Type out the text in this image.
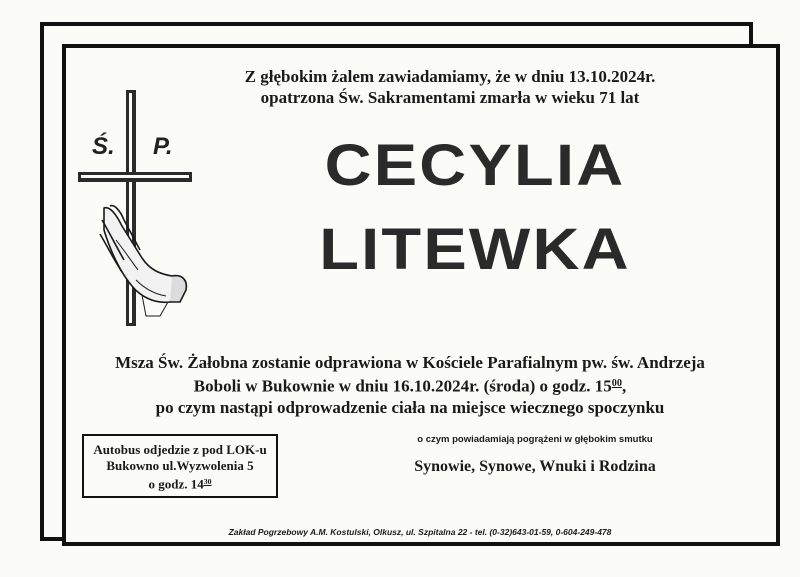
Z głębokim żalem zawiadamiamy, że w dniu 13.10.2024r.
opatrzona Św. Sakramentami zmarła w wieku 71 lat
Ś. P.	CECYLIA
LITEWKA
Msza Św. Żałobna zostanie odprawiona w Kościele Parafialnym pw. św. Andrzeja
Boboli w Bukownie w dniu 16.10.2024r. (środa) o godz. $15^{00}$,
po czym nastąpi odprowadzenie ciała na miejsce wiecznego spoczynku
Autobus odjedzie z pod LOK-u
Bukowno ul.Wyzwolenia 5
o godz. $14^{30}$
o czym powiadamiają pogrążeni w głębokim smutku
Synowie, Synowe, Wnuki i Rodzina
Zakład Pogrzebowy A.M. Kostulski, Olkusz, ul. Szpitalna 22 - tel. (0-32)643-01-59, 0-604-249-478
